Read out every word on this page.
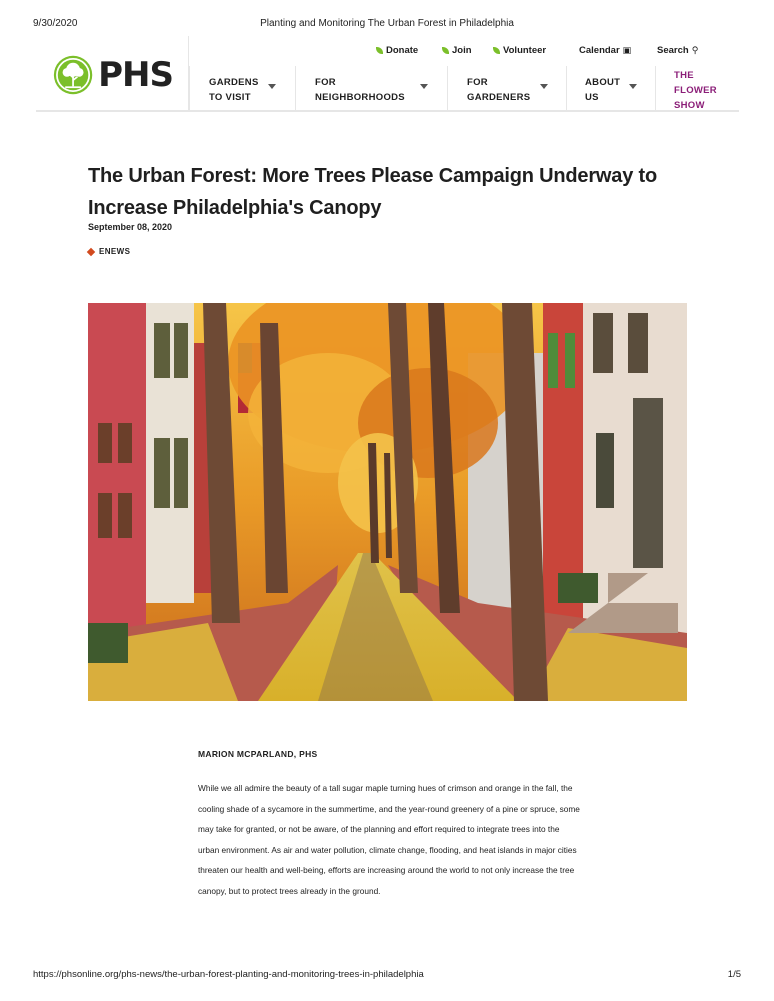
9/30/2020	Planting and Monitoring The Urban Forest in Philadelphia
PHS
Donate	Join	Volunteer	Calendar ▣	Search ⚲
GARDENS
TO VISIT
FOR
NEIGHBORHOODS
FOR
GARDENERS
ABOUT
US
THE
FLOWER
SHOW
The Urban Forest: More Trees Please Campaign Underway to Increase Philadelphia's Canopy
September 08, 2020
ENEWS
MARION MCPARLAND, PHS

While we all admire the beauty of a tall sugar maple turning hues of crimson and orange in the fall, the cooling shade of a sycamore in the summertime, and the year-round greenery of a pine or spruce, some may take for granted, or not be aware, of the planning and effort required to integrate trees into the urban environment. As air and water pollution, climate change, flooding, and heat islands in major cities threaten our health and well-being, efforts are increasing around the world to not only increase the tree canopy, but to protect trees already in the ground.

https://phsonline.org/phs-news/the-urban-forest-planting-and-monitoring-trees-in-philadelphia	1/5
